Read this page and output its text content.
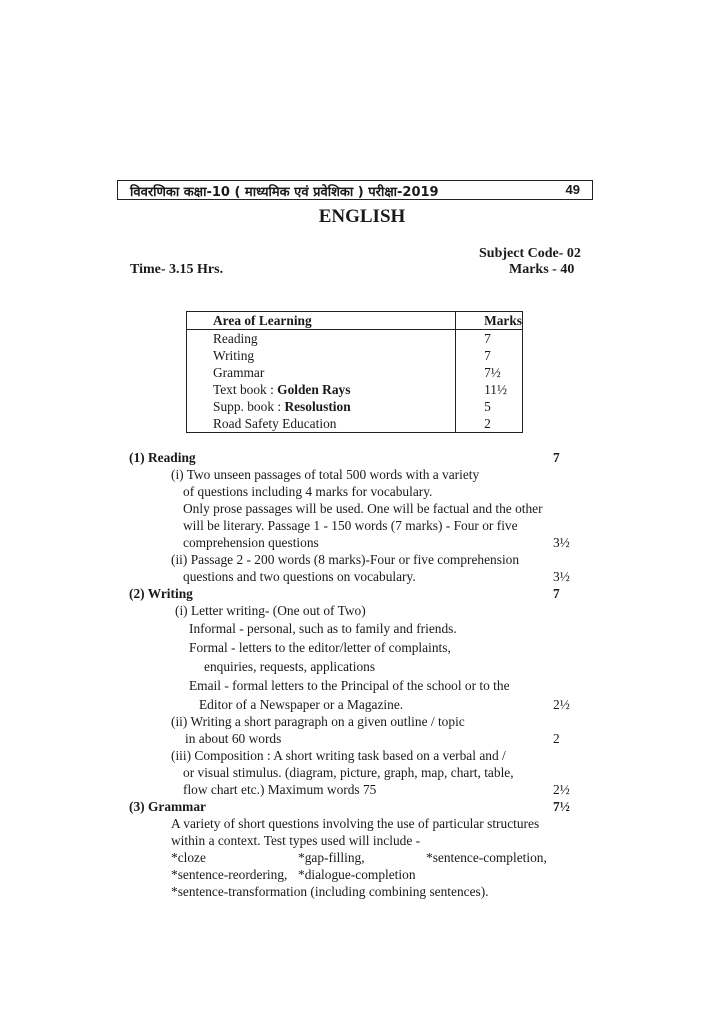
विवरणिका कक्षा-10 ( माध्यमिक एवं प्रवेशिका ) परीक्षा-2019	49
ENGLISH
Subject Code- 02
Time- 3.15 Hrs.	Marks - 40
Area of Learning	Marks
Reading	7
Writing	7
Grammar	7½
Text book : Golden Rays	11½
Supp. book : Resolustion	5
Road Safety Education	2
(1) Reading	7
(i) Two unseen passages of total 500 words with a variety
of questions including 4 marks for vocabulary.
Only prose passages will be used. One will be factual and the other
will be literary. Passage 1 - 150 words (7 marks) - Four or five
comprehension questions	3½
(ii) Passage 2 - 200 words (8 marks)-Four or five comprehension
questions and two questions on vocabulary.	3½
(2) Writing	7
(i) Letter writing- (One out of Two)
Informal - personal, such as to family and friends.
Formal - letters to the editor/letter of complaints,
enquiries, requests, applications
Email - formal letters to the Principal of the school or to the
Editor of a Newspaper or a Magazine.	2½
(ii) Writing a short paragraph on a given outline / topic
in about 60 words	2
(iii) Composition : A short writing task based on a verbal and /
or visual stimulus. (diagram, picture, graph, map, chart, table,
flow chart etc.) Maximum words 75	2½
(3) Grammar	7½
A variety of short questions involving the use of particular structures
within a context. Test types used will include -
*cloze	*gap-filling,	*sentence-completion,
*sentence-reordering, *dialogue-completion
*sentence-transformation (including combining sentences).
